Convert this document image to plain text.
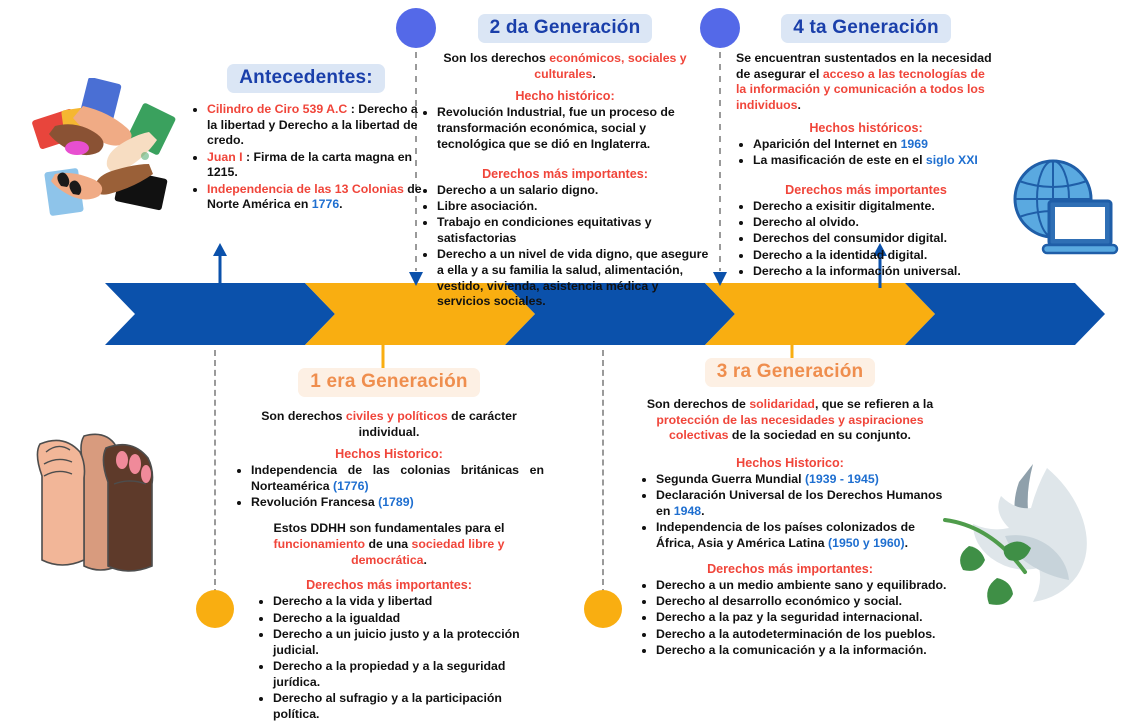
Antecedentes:
• Cilindro de Ciro 539 A.C : Derecho a la libertad y Derecho a la libertad de credo.
• Juan I : Firma de la carta magna en 1215.
• Independencia de las 13 Colonias de Norte América en 1776.
2 da Generación
Son los derechos económicos, sociales y culturales.
Hecho histórico:
• Revolución Industrial, fue un proceso de transformación económica, social y tecnológica que se dió en Inglaterra.
Derechos más importantes:
• Derecho a un salario digno.
• Libre asociación.
• Trabajo en condiciones equitativas y satisfactorias
• Derecho a un nivel de vida digno, que asegure a ella y a su familia la salud, alimentación, vestido, vivienda, asistencia médica y servicios sociales.
4 ta Generación
Se encuentran sustentados en la necesidad de asegurar el acceso a las tecnologías de la información y comunicación a todos los individuos.
Hechos históricos:
• Aparición del Internet en 1969
• La masificación de este en el siglo XXI
Derechos más importantes
• Derecho a exisitir digitalmente.
• Derecho al olvido.
• Derechos del consumidor digital.
• Derecho a la identidad digital.
• Derecho a la información universal.
1 era Generación
Son derechos civiles y políticos de carácter individual.
Hechos Historico:
• Independencia de las colonias británicas en Norteamérica (1776)
• Revolución Francesa (1789)
Estos DDHH son fundamentales para el funcionamiento de una sociedad libre y democrática.
Derechos más importantes:
• Derecho a la vida y libertad
• Derecho a la igualdad
• Derecho a un juicio justo y a la protección judicial.
• Derecho a la propiedad y a la seguridad jurídica.
• Derecho al sufragio y a la participación política.
3 ra Generación
Son derechos de solidaridad, que se refieren a la protección de las necesidades y aspiraciones colectivas de la sociedad en su conjunto.
Hechos Historico:
• Segunda Guerra Mundial (1939 - 1945)
• Declaración Universal de los Derechos Humanos en 1948.
• Independencia de los países colonizados de África, Asia y América Latina (1950 y 1960).
Derechos más importantes:
• Derecho a un medio ambiente sano y equilibrado.
• Derecho al desarrollo económico y social.
• Derecho a la paz y la seguridad internacional.
• Derecho a la autodeterminación de los pueblos.
• Derecho a la comunicación y a la información.
